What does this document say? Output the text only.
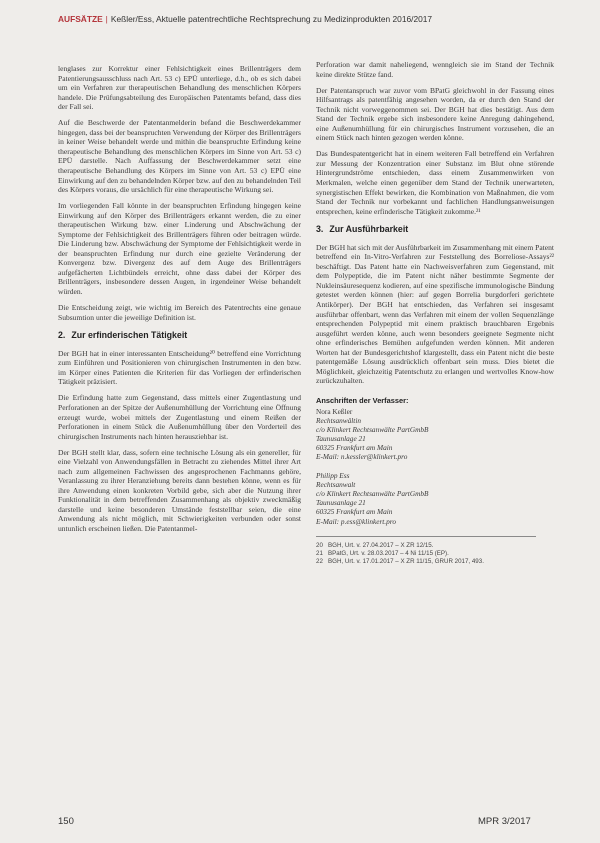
AUFSÄTZE | Keßler/Ess, Aktuelle patentrechtliche Rechtsprechung zu Medizinprodukten 2016/2017

lenglases zur Korrektur einer Fehlsichtigkeit eines Brillenträgers dem Patentierungsausschluss nach Art. 53 c) EPÜ unterliege, d.h., ob es sich dabei um ein Verfahren zur therapeutischen Behandlung des menschlichen Körpers handele. Die Prüfungsabteilung des Europäischen Patentamts befand, dass dies der Fall sei.

Auf die Beschwerde der Patentanmelderin befand die Beschwerdekammer hingegen, dass bei der beanspruchten Verwendung der Körper des Brillenträgers in keiner Weise behandelt werde und mithin die beanspruchte Erfindung keine therapeutische Behandlung des menschlichen Körpers im Sinne von Art. 53 c) EPÜ darstelle. Nach Auffassung der Beschwerdekammer setzt eine therapeutische Behandlung des Körpers im Sinne von Art. 53 c) EPÜ eine Einwirkung auf den zu behandelnden Körper bzw. auf den zu behandelnden Teil des Körpers voraus, die ursächlich für eine therapeutische Wirkung sei.

Im vorliegenden Fall könnte in der beanspruchten Erfindung hingegen keine Einwirkung auf den Körper des Brillenträgers erkannt werden, die zu einer therapeutischen Wirkung bzw. einer Linderung und Abschwächung der Symptome der Fehlsichtigkeit des Brillenträgers führen oder beitragen würde. Die Linderung bzw. Abschwächung der Symptome der Fehlsichtigkeit werde in der beanspruchten Erfindung nur durch eine gezielte Veränderung der Konvergenz bzw. Divergenz des auf dem Auge des Brillenträgers aufgefächerten Lichtbündels erreicht, ohne dass dabei der Körper des Brillenträgers, insbesondere dessen Augen, in irgendeiner Weise behandelt würden.

Die Entscheidung zeigt, wie wichtig im Bereich des Patentrechts eine genaue Subsumtion unter die jeweilige Definition ist.

2. Zur erfinderischen Tätigkeit

Der BGH hat in einer interessanten Entscheidung²⁰ betreffend eine Vorrichtung zum Einführen und Positionieren von chirurgischen Instrumenten in den bzw. im Körper eines Patienten die Kriterien für das Vorliegen der erfinderischen Tätigkeit präzisiert.

Die Erfindung hatte zum Gegenstand, dass mittels einer Zugentlastung und Perforationen an der Spitze der Außenumhüllung der Vorrichtung eine Öffnung erzeugt wurde, wobei mittels der Zugentlastung und einem Reißen der Perforationen in einem Stück die Außenumhüllung über den Vorderteil des chirurgischen Instruments nach hinten herausziehbar ist.

Der BGH stellt klar, dass, sofern eine technische Lösung als ein genereller, für eine Vielzahl von Anwendungsfällen in Betracht zu ziehendes Mittel ihrer Art nach zum allgemeinen Fachwissen des angesprochenen Fachmanns gehöre, Veranlassung zu ihrer Heranziehung bereits dann bestehen könne, wenn es für ihre Anwendung einen konkreten Vorbild gebe, sich aber die Nutzung ihrer Funktionalität in dem betreffenden Zusammenhang als objektiv zweckmäßig darstelle und keine besonderen Umstände feststellbar seien, die eine Anwendung als nicht möglich, mit Schwierigkeiten verbunden oder sonst untunlich erscheinen ließen. Die Patentanmel-

Perforation war damit naheliegend, wenngleich sie im Stand der Technik keine direkte Stütze fand.

Der Patentanspruch war zuvor vom BPatG gleichwohl in der Fassung eines Hilfsantrags als patentfähig angesehen worden, da er durch den Stand der Technik nicht vorweggenommen sei. Der BGH hat dies bestätigt. Aus dem Stand der Technik ergebe sich insbesondere keine Anregung dahingehend, eine Außenumhüllung für ein chirurgisches Instrument vorzusehen, die an einem Stück nach hinten gezogen werden könne.

Das Bundespatentgericht hat in einem weiteren Fall betreffend ein Verfahren zur Messung der Konzentration einer Substanz im Blut ohne störende Hintergrundströme entschieden, dass einem Zusammenwirken von Merkmalen, welche einen gegenüber dem Stand der Technik unerwarteten, synergistischen Effekt bewirken, die Kombination von Maßnahmen, die vom Stand der Technik nur vorbekannt und fachlichen Handlungsanweisungen entsprechen, keine erfinderische Tätigkeit zukomme.²¹

3. Zur Ausführbarkeit

Der BGH hat sich mit der Ausführbarkeit im Zusammenhang mit einem Patent betreffend ein In-Vitro-Verfahren zur Feststellung des Borreliose-Assays²² beschäftigt. Das Patent hatte ein Nachweisverfahren zum Gegenstand, mit dem Polypeptide, die im Patent nicht näher bestimmte Segmente der Nukleinsäuresequenz kodieren, auf eine spezifische immunologische Bindung getestet werden können (hier: auf gegen Borrelia burgdorferi gerichtete Antikörper). Der BGH hat entschieden, das Verfahren sei insgesamt ausführbar offenbart, wenn das Verfahren mit einem der vollen Sequenzlänge entsprechenden Polypeptid mit einem praktisch brauchbaren Ergebnis ausgeführt werden könne, auch wenn besonders geeignete Segmente nicht ohne erfinderisches Bemühen aufgefunden werden können. Mit anderen Worten hat der Bundesgerichtshof klargestellt, dass ein Patent nicht die beste patentgemäße Lösung ausdrücklich offenbart sein muss. Dies bietet die Möglichkeit, gleichzeitig Patentschutz zu erlangen und wertvolles Know-how zurückzuhalten.

Anschriften der Verfasser:
Nora Keßler
Rechtsanwältin
c/o Klinkert Rechtsanwälte PartGmbB
Taunusanlage 21
60325 Frankfurt am Main
E-Mail: n.kessler@klinkert.pro
Philipp Ess
Rechtsanwalt
c/o Klinkert Rechtsanwälte PartGmbB
Taunusanlage 21
60325 Frankfurt am Main
E-Mail: p.ess@klinkert.pro
20 BGH, Urt. v. 27.04.2017 – X ZR 12/15.
21 BPatG, Urt. v. 28.03.2017 – 4 Ni 11/15 (EP).
22 BGH, Urt. v. 17.01.2017 – X ZR 11/15, GRUR 2017, 493.
150	MPR 3/2017
